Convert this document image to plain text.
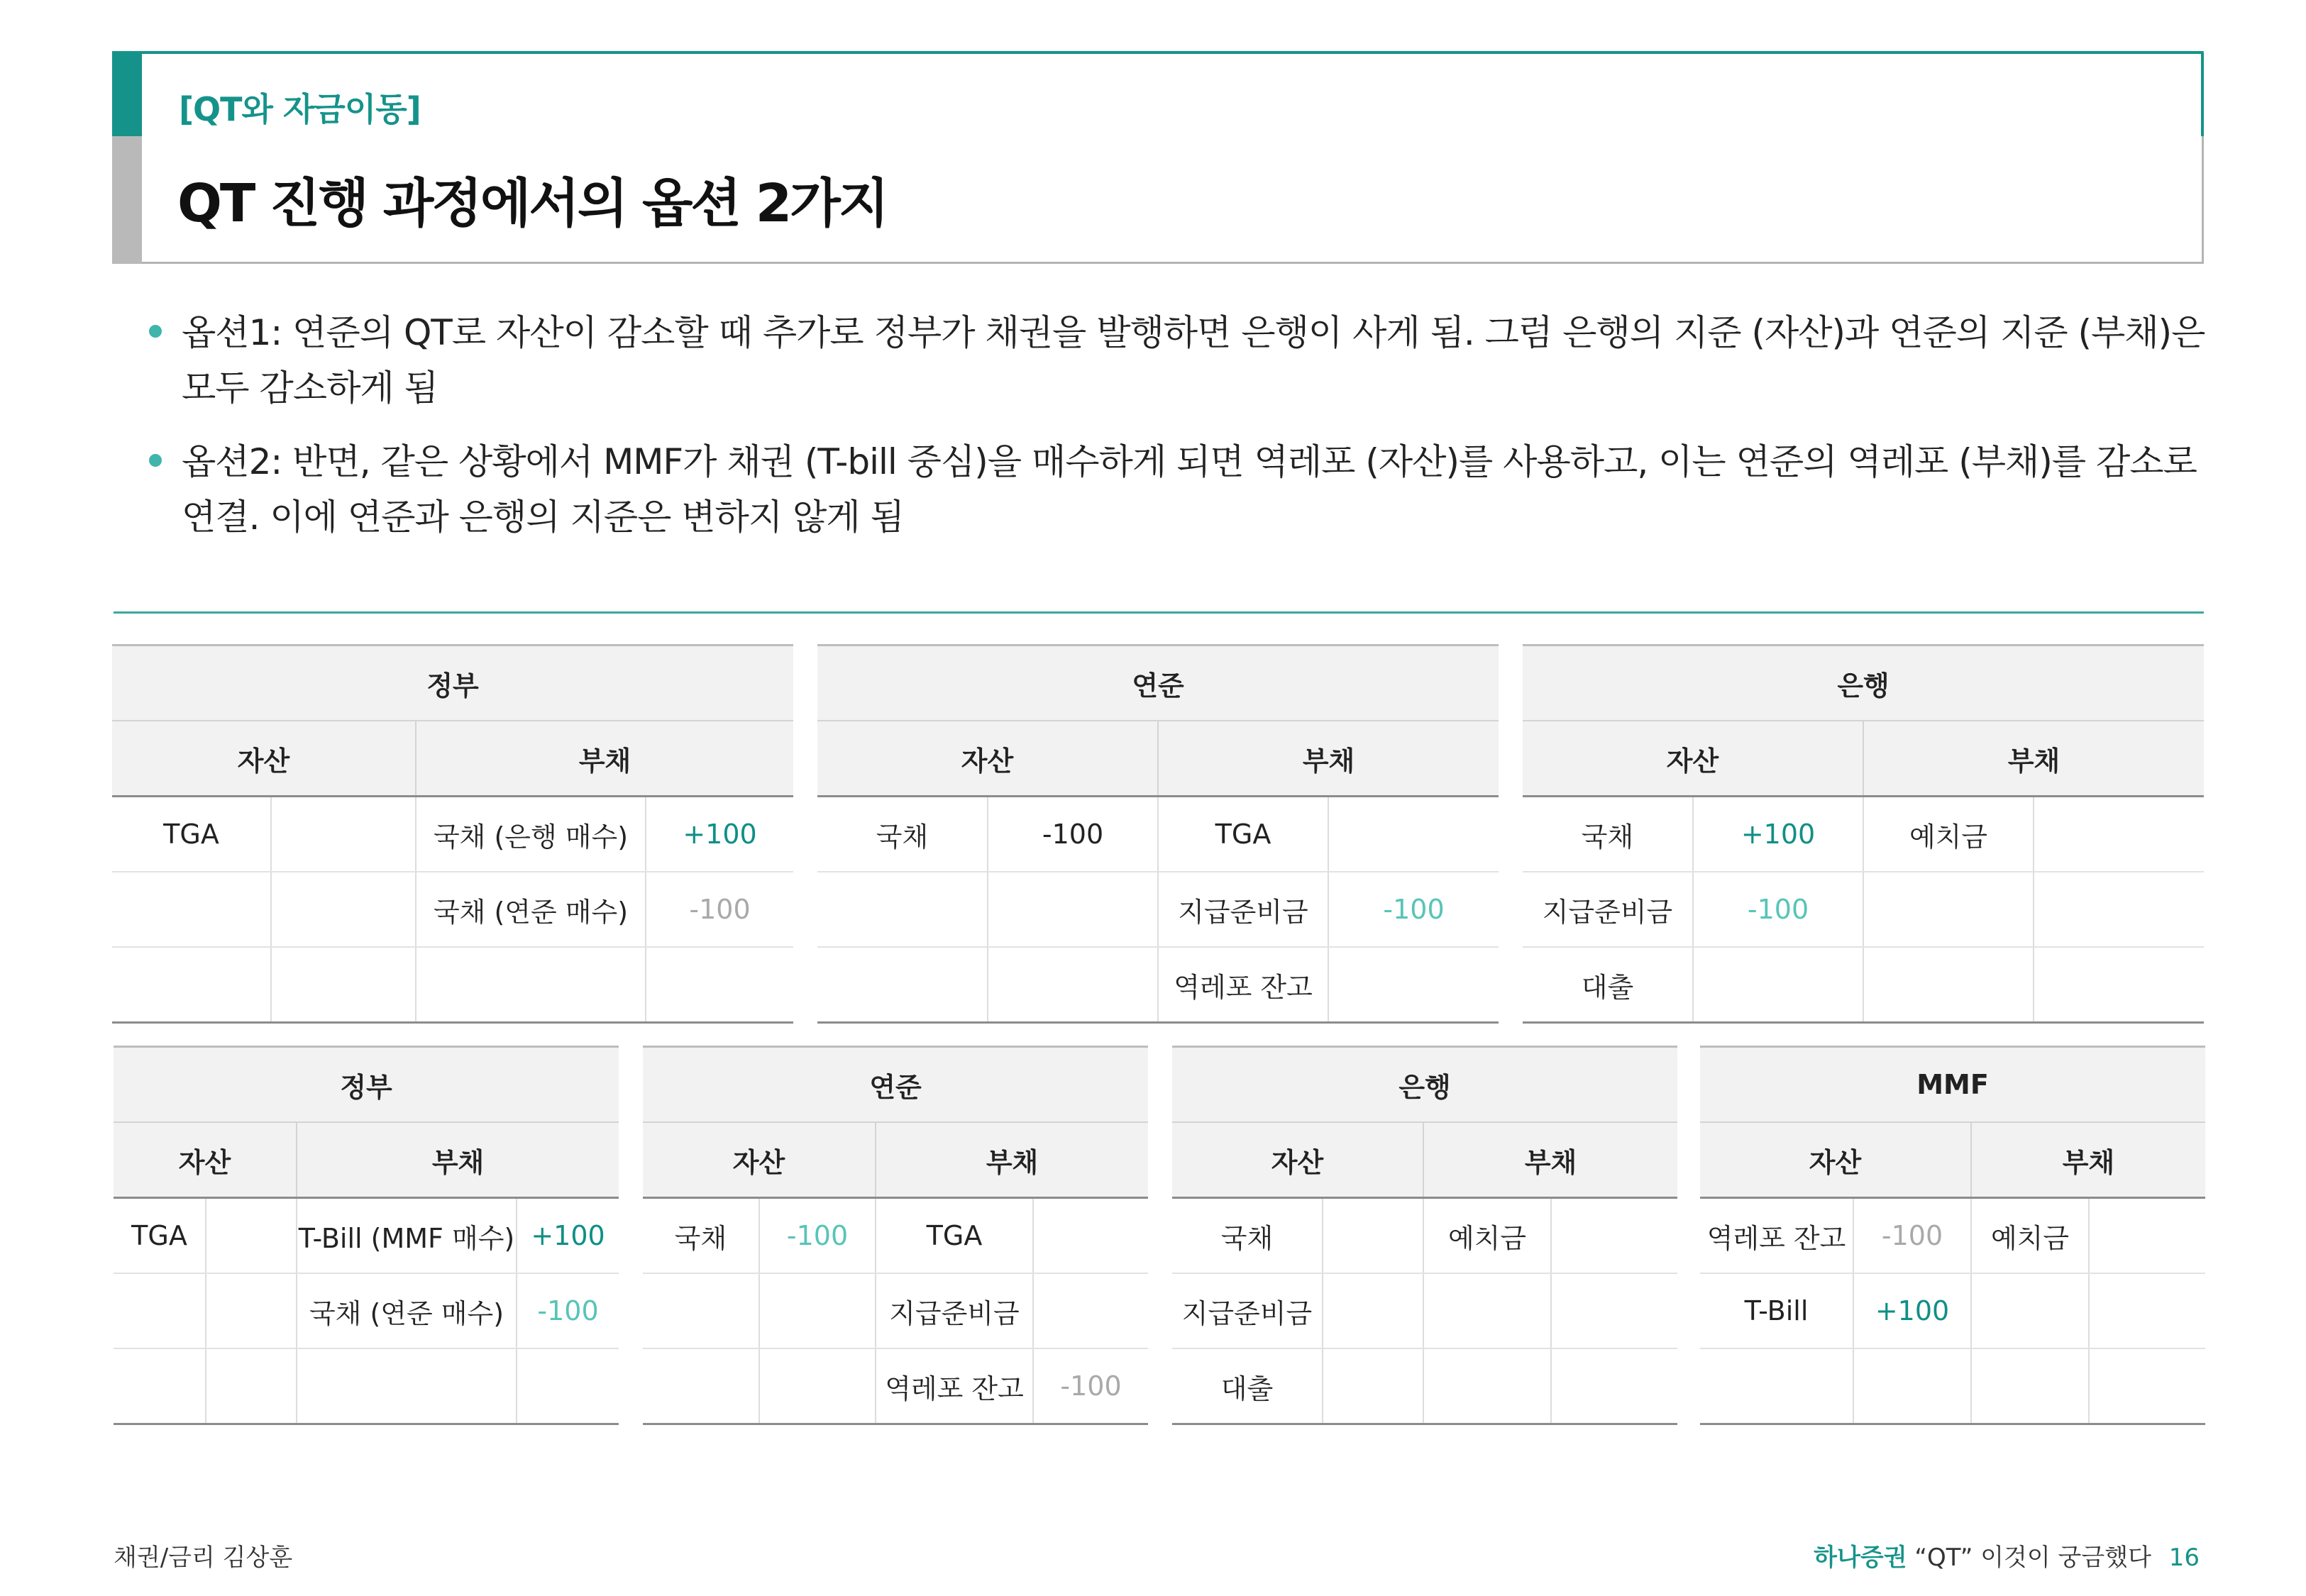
[QT와 자금이동]
QT 진행 과정에서의 옵션 2가지
옵션1: 연준의 QT로 자산이 감소할 때 추가로 정부가 채권을 발행하면 은행이 사게 됨. 그럼 은행의 지준 (자산)과 연준의 지준 (부채)은 모두 감소하게 됨
옵션2: 반면, 같은 상황에서 MMF가 채권 (T-bill 중심)을 매수하게 되면 역레포 (자산)를 사용하고, 이는 연준의 역레포 (부채)를 감소로 연결. 이에 연준과 은행의 지준은 변하지 않게 됨
정부			
자산		부채	
TGA		국채 (은행 매수)	+100
		국채 (연준 매수)	-100

연준			
자산		부채	
국채	-100	TGA	
		지급준비금	-100
		역레포 잔고	
은행			
자산		부채	
국채	+100	예치금	
지급준비금	-100		
대출			
정부			
자산		부채	
TGA		T-Bill (MMF 매수)	+100
		국채 (연준 매수)	-100

연준			
자산		부채	
국채	-100	TGA	
		지급준비금	
		역레포 잔고	-100
은행			
자산		부채	
국채		예치금	
지급준비금			
대출			
MMF			
자산		부채	
역레포 잔고	-100	예치금	
T-Bill	+100		

채권/금리 김상훈	하나증권 “QT” 이것이 궁금했다 16
